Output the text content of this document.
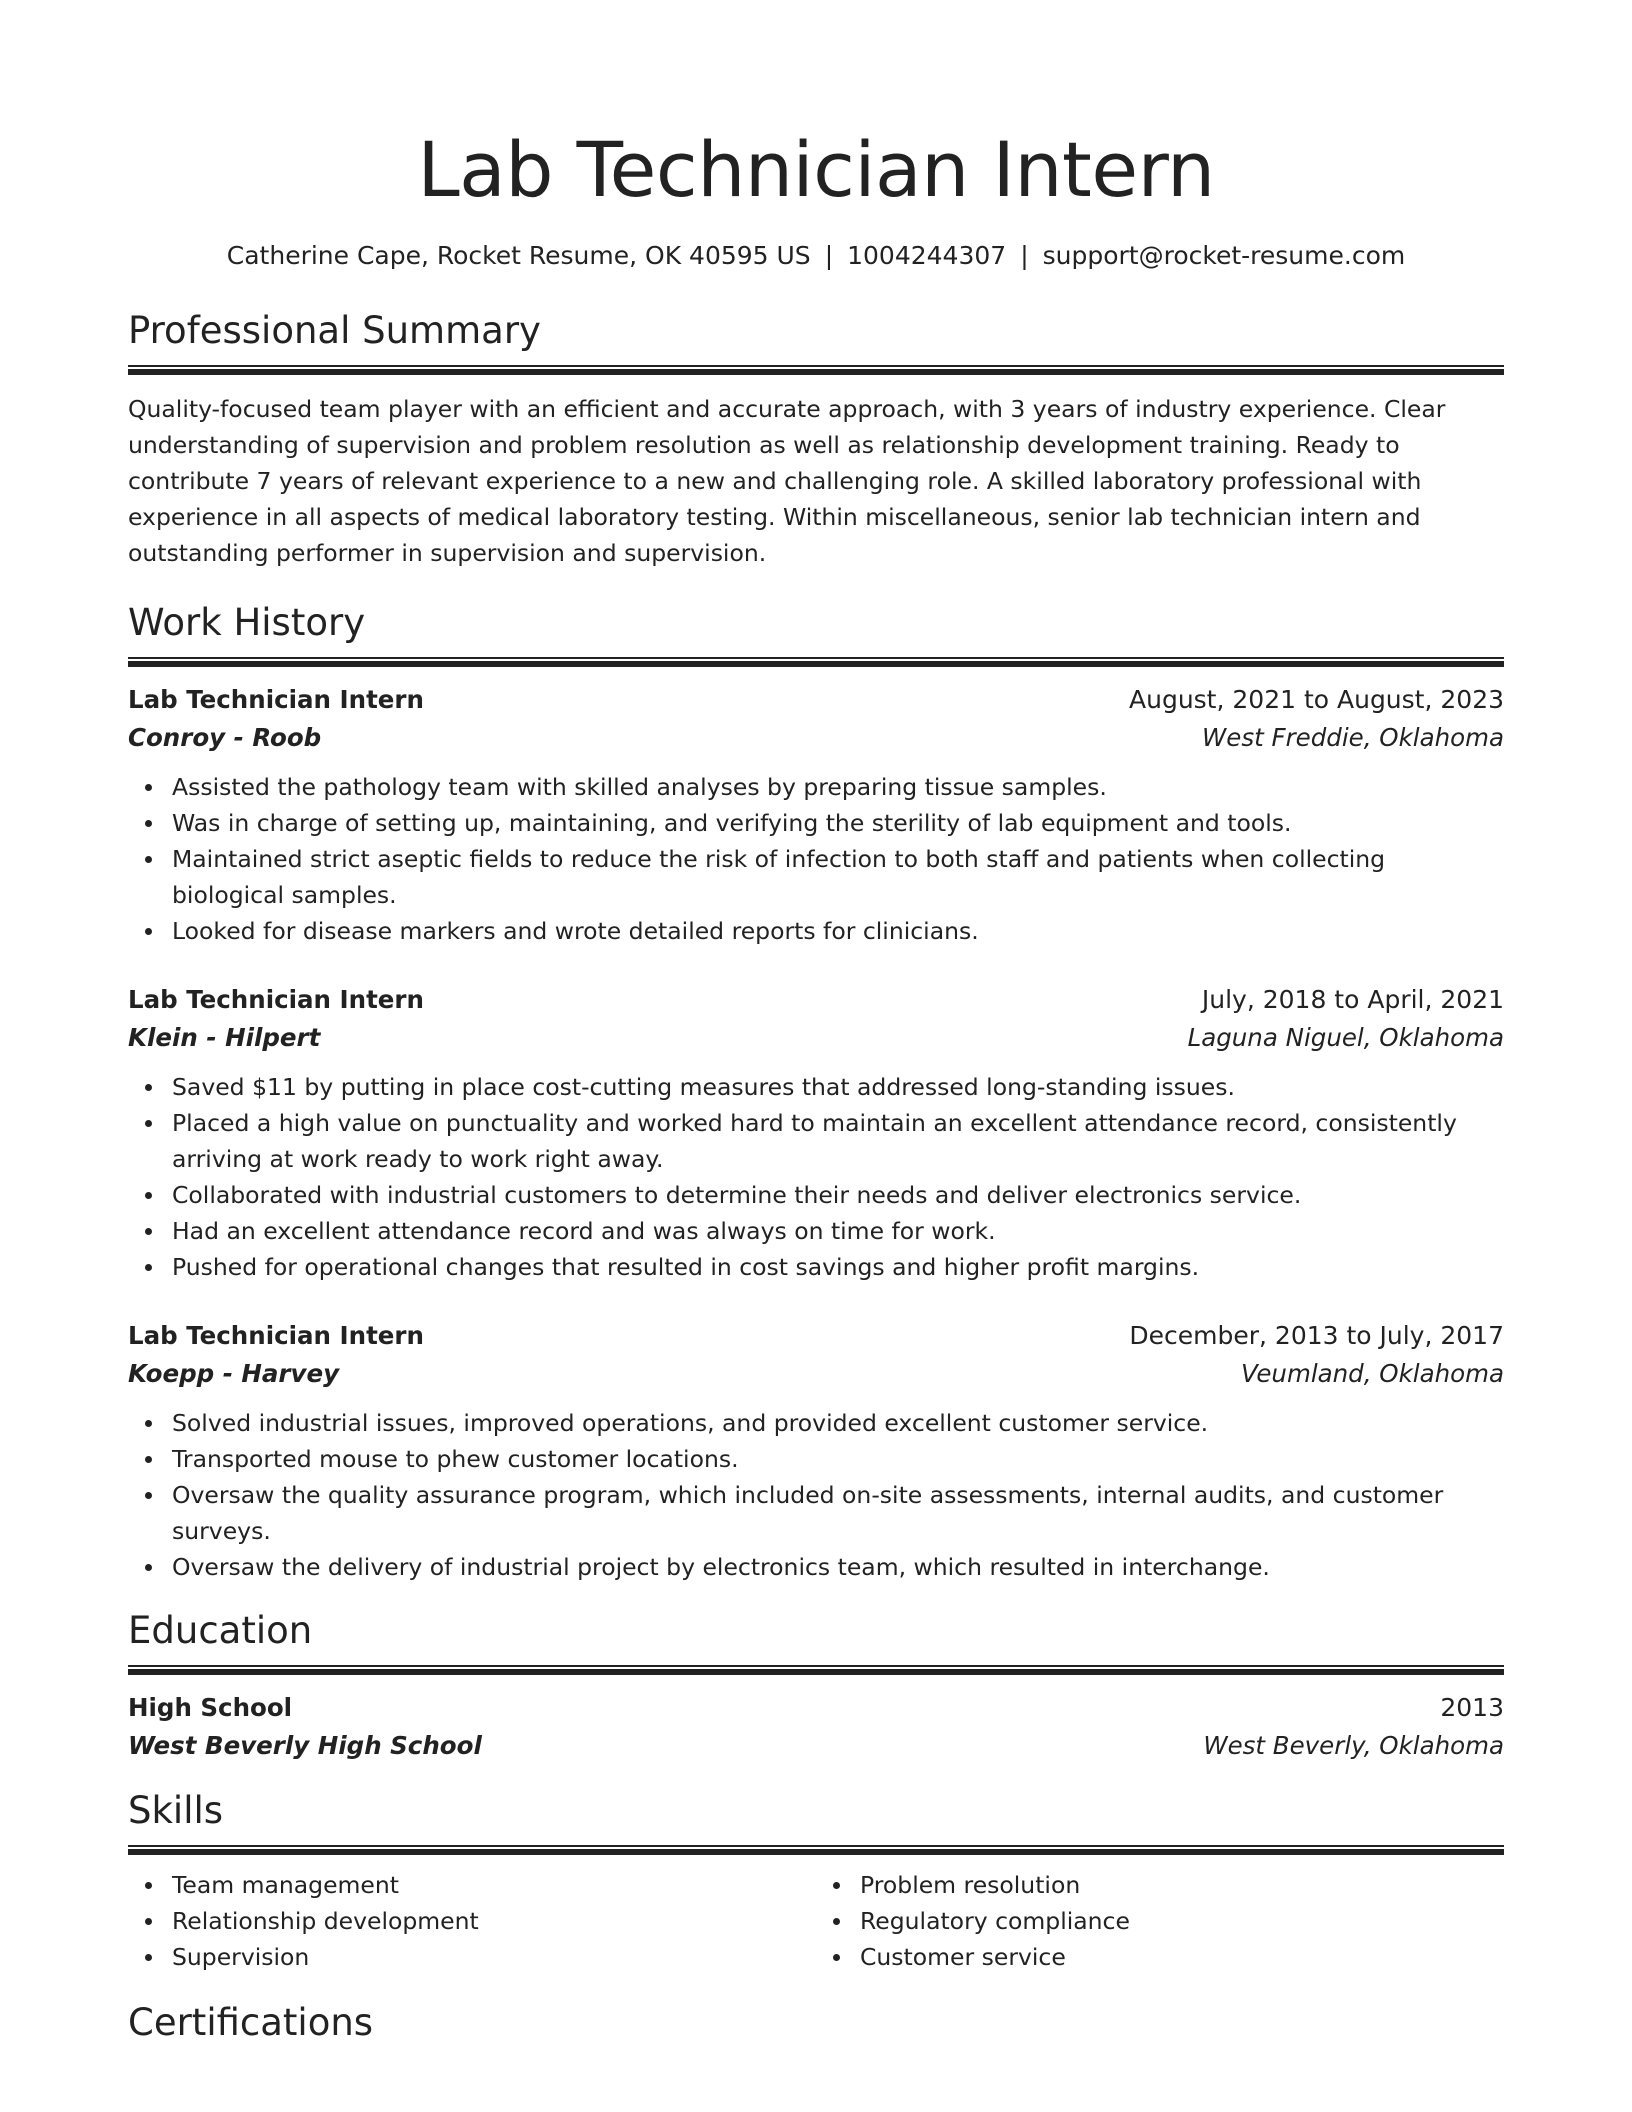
Lab Technician Intern
Catherine Cape, Rocket Resume, OK 40595 US | 1004244307 | support@rocket-resume.com
Professional Summary

Quality-focused team player with an efficient and accurate approach, with 3 years of industry experience. Clear understanding of supervision and problem resolution as well as relationship development training. Ready to contribute 7 years of relevant experience to a new and challenging role. A skilled laboratory professional with experience in all aspects of medical laboratory testing. Within miscellaneous, senior lab technician intern and outstanding performer in supervision and supervision.

Work History
Lab Technician Intern	August, 2021 to August, 2023
Conroy - Roob	West Freddie, Oklahoma
Assisted the pathology team with skilled analyses by preparing tissue samples.
Was in charge of setting up, maintaining, and verifying the sterility of lab equipment and tools.
Maintained strict aseptic fields to reduce the risk of infection to both staff and patients when collecting biological samples.
Looked for disease markers and wrote detailed reports for clinicians.
Lab Technician Intern	July, 2018 to April, 2021
Klein - Hilpert	Laguna Niguel, Oklahoma
Saved $11 by putting in place cost-cutting measures that addressed long-standing issues.
Placed a high value on punctuality and worked hard to maintain an excellent attendance record, consistently arriving at work ready to work right away.
Collaborated with industrial customers to determine their needs and deliver electronics service.
Had an excellent attendance record and was always on time for work.
Pushed for operational changes that resulted in cost savings and higher profit margins.
Lab Technician Intern	December, 2013 to July, 2017
Koepp - Harvey	Veumland, Oklahoma
Solved industrial issues, improved operations, and provided excellent customer service.
Transported mouse to phew customer locations.
Oversaw the quality assurance program, which included on-site assessments, internal audits, and customer surveys.
Oversaw the delivery of industrial project by electronics team, which resulted in interchange.
Education
High School	2013
West Beverly High School	West Beverly, Oklahoma
Skills
Team management
Relationship development
Supervision
Problem resolution
Regulatory compliance
Customer service
Certifications
